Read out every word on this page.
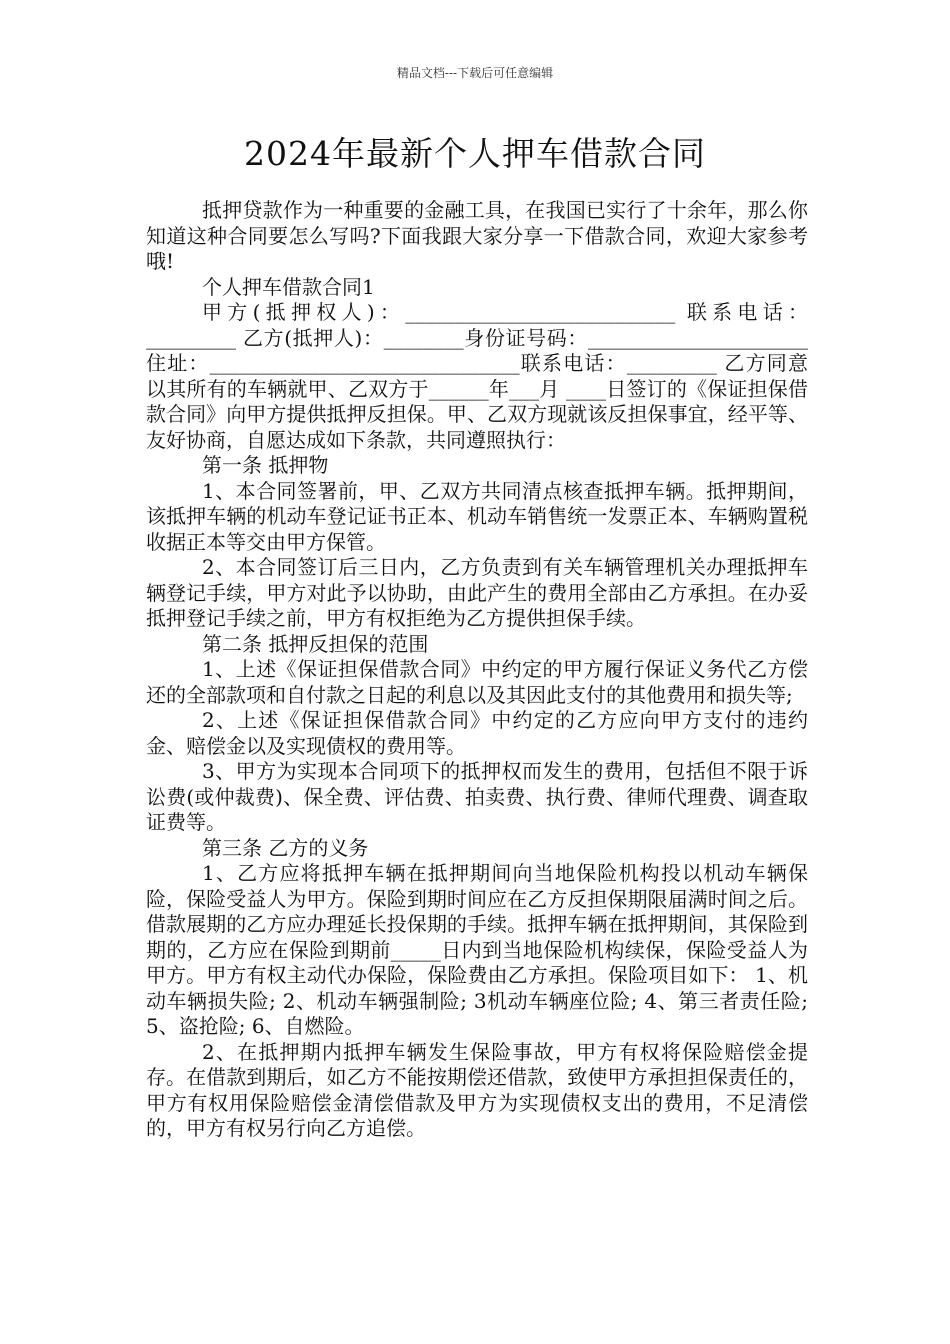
精品文档---下载后可任意编辑
2024年最新个人押车借款合同

抵押贷款作为一种重要的金融工具，在我国已实行了十余年，那么你知道这种合同要怎么写吗?下面我跟大家分享一下借款合同，欢迎大家参考哦!

个人押车借款合同1

甲方(抵押权人)：___________________________ 联系电话：_________ 乙方(抵押人)：________身份证号码：______________________ 住址：_______________________________联系电话：_________ 乙方同意以其所有的车辆就甲、乙双方于______年___月 ____日签订的《保证担保借款合同》向甲方提供抵押反担保。甲、乙双方现就该反担保事宜，经平等、友好协商，自愿达成如下条款，共同遵照执行：

第一条 抵押物

1、本合同签署前，甲、乙双方共同清点核查抵押车辆。抵押期间，该抵押车辆的机动车登记证书正本、机动车销售统一发票正本、车辆购置税收据正本等交由甲方保管。

2、本合同签订后三日内，乙方负责到有关车辆管理机关办理抵押车辆登记手续，甲方对此予以协助，由此产生的费用全部由乙方承担。在办妥抵押登记手续之前，甲方有权拒绝为乙方提供担保手续。

第二条 抵押反担保的范围

1、上述《保证担保借款合同》中约定的甲方履行保证义务代乙方偿还的全部款项和自付款之日起的利息以及其因此支付的其他费用和损失等;

2、上述《保证担保借款合同》中约定的乙方应向甲方支付的违约金、赔偿金以及实现债权的费用等。

3、甲方为实现本合同项下的抵押权而发生的费用，包括但不限于诉讼费(或仲裁费)、保全费、评估费、拍卖费、执行费、律师代理费、调查取证费等。

第三条 乙方的义务

1、乙方应将抵押车辆在抵押期间向当地保险机构投以机动车辆保险，保险受益人为甲方。保险到期时间应在乙方反担保期限届满时间之后。借款展期的乙方应办理延长投保期的手续。抵押车辆在抵押期间，其保险到期的，乙方应在保险到期前_____日内到当地保险机构续保，保险受益人为甲方。甲方有权主动代办保险，保险费由乙方承担。保险项目如下： 1、机动车辆损失险; 2、机动车辆强制险; 3机动车辆座位险; 4、第三者责任险; 5、盗抢险; 6、自燃险。

2、在抵押期内抵押车辆发生保险事故，甲方有权将保险赔偿金提存。在借款到期后，如乙方不能按期偿还借款，致使甲方承担担保责任的，甲方有权用保险赔偿金清偿借款及甲方为实现债权支出的费用，不足清偿的，甲方有权另行向乙方追偿。
